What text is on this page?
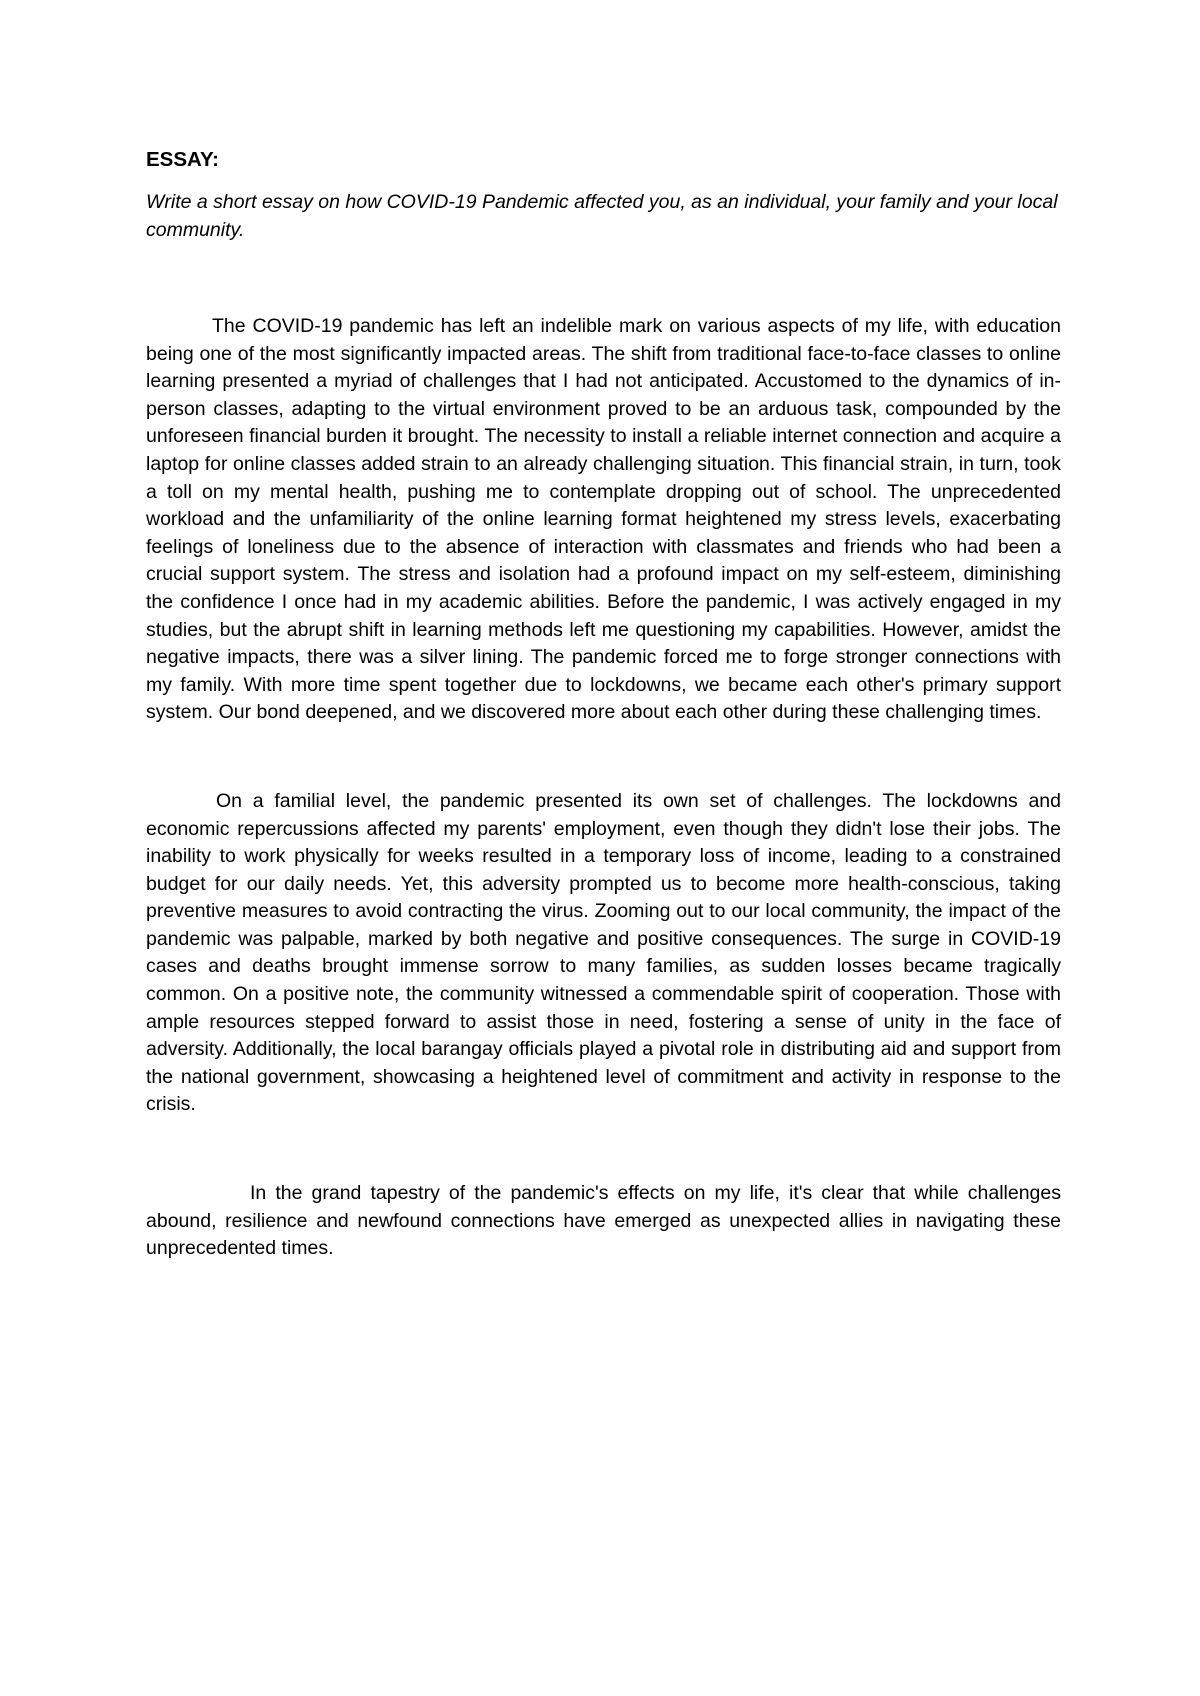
ESSAY:

Write a short essay on how COVID-19 Pandemic affected you, as an individual, your family and your local community.

The COVID-19 pandemic has left an indelible mark on various aspects of my life, with education being one of the most significantly impacted areas. The shift from traditional face-to-face classes to online learning presented a myriad of challenges that I had not anticipated. Accustomed to the dynamics of in-person classes, adapting to the virtual environment proved to be an arduous task, compounded by the unforeseen financial burden it brought. The necessity to install a reliable internet connection and acquire a laptop for online classes added strain to an already challenging situation. This financial strain, in turn, took a toll on my mental health, pushing me to contemplate dropping out of school. The unprecedented workload and the unfamiliarity of the online learning format heightened my stress levels, exacerbating feelings of loneliness due to the absence of interaction with classmates and friends who had been a crucial support system. The stress and isolation had a profound impact on my self-esteem, diminishing the confidence I once had in my academic abilities. Before the pandemic, I was actively engaged in my studies, but the abrupt shift in learning methods left me questioning my capabilities. However, amidst the negative impacts, there was a silver lining. The pandemic forced me to forge stronger connections with my family. With more time spent together due to lockdowns, we became each other's primary support system. Our bond deepened, and we discovered more about each other during these challenging times.

On a familial level, the pandemic presented its own set of challenges. The lockdowns and economic repercussions affected my parents' employment, even though they didn't lose their jobs. The inability to work physically for weeks resulted in a temporary loss of income, leading to a constrained budget for our daily needs. Yet, this adversity prompted us to become more health-conscious, taking preventive measures to avoid contracting the virus. Zooming out to our local community, the impact of the pandemic was palpable, marked by both negative and positive consequences. The surge in COVID-19 cases and deaths brought immense sorrow to many families, as sudden losses became tragically common. On a positive note, the community witnessed a commendable spirit of cooperation. Those with ample resources stepped forward to assist those in need, fostering a sense of unity in the face of adversity. Additionally, the local barangay officials played a pivotal role in distributing aid and support from the national government, showcasing a heightened level of commitment and activity in response to the crisis.

In the grand tapestry of the pandemic's effects on my life, it's clear that while challenges abound, resilience and newfound connections have emerged as unexpected allies in navigating these unprecedented times.
